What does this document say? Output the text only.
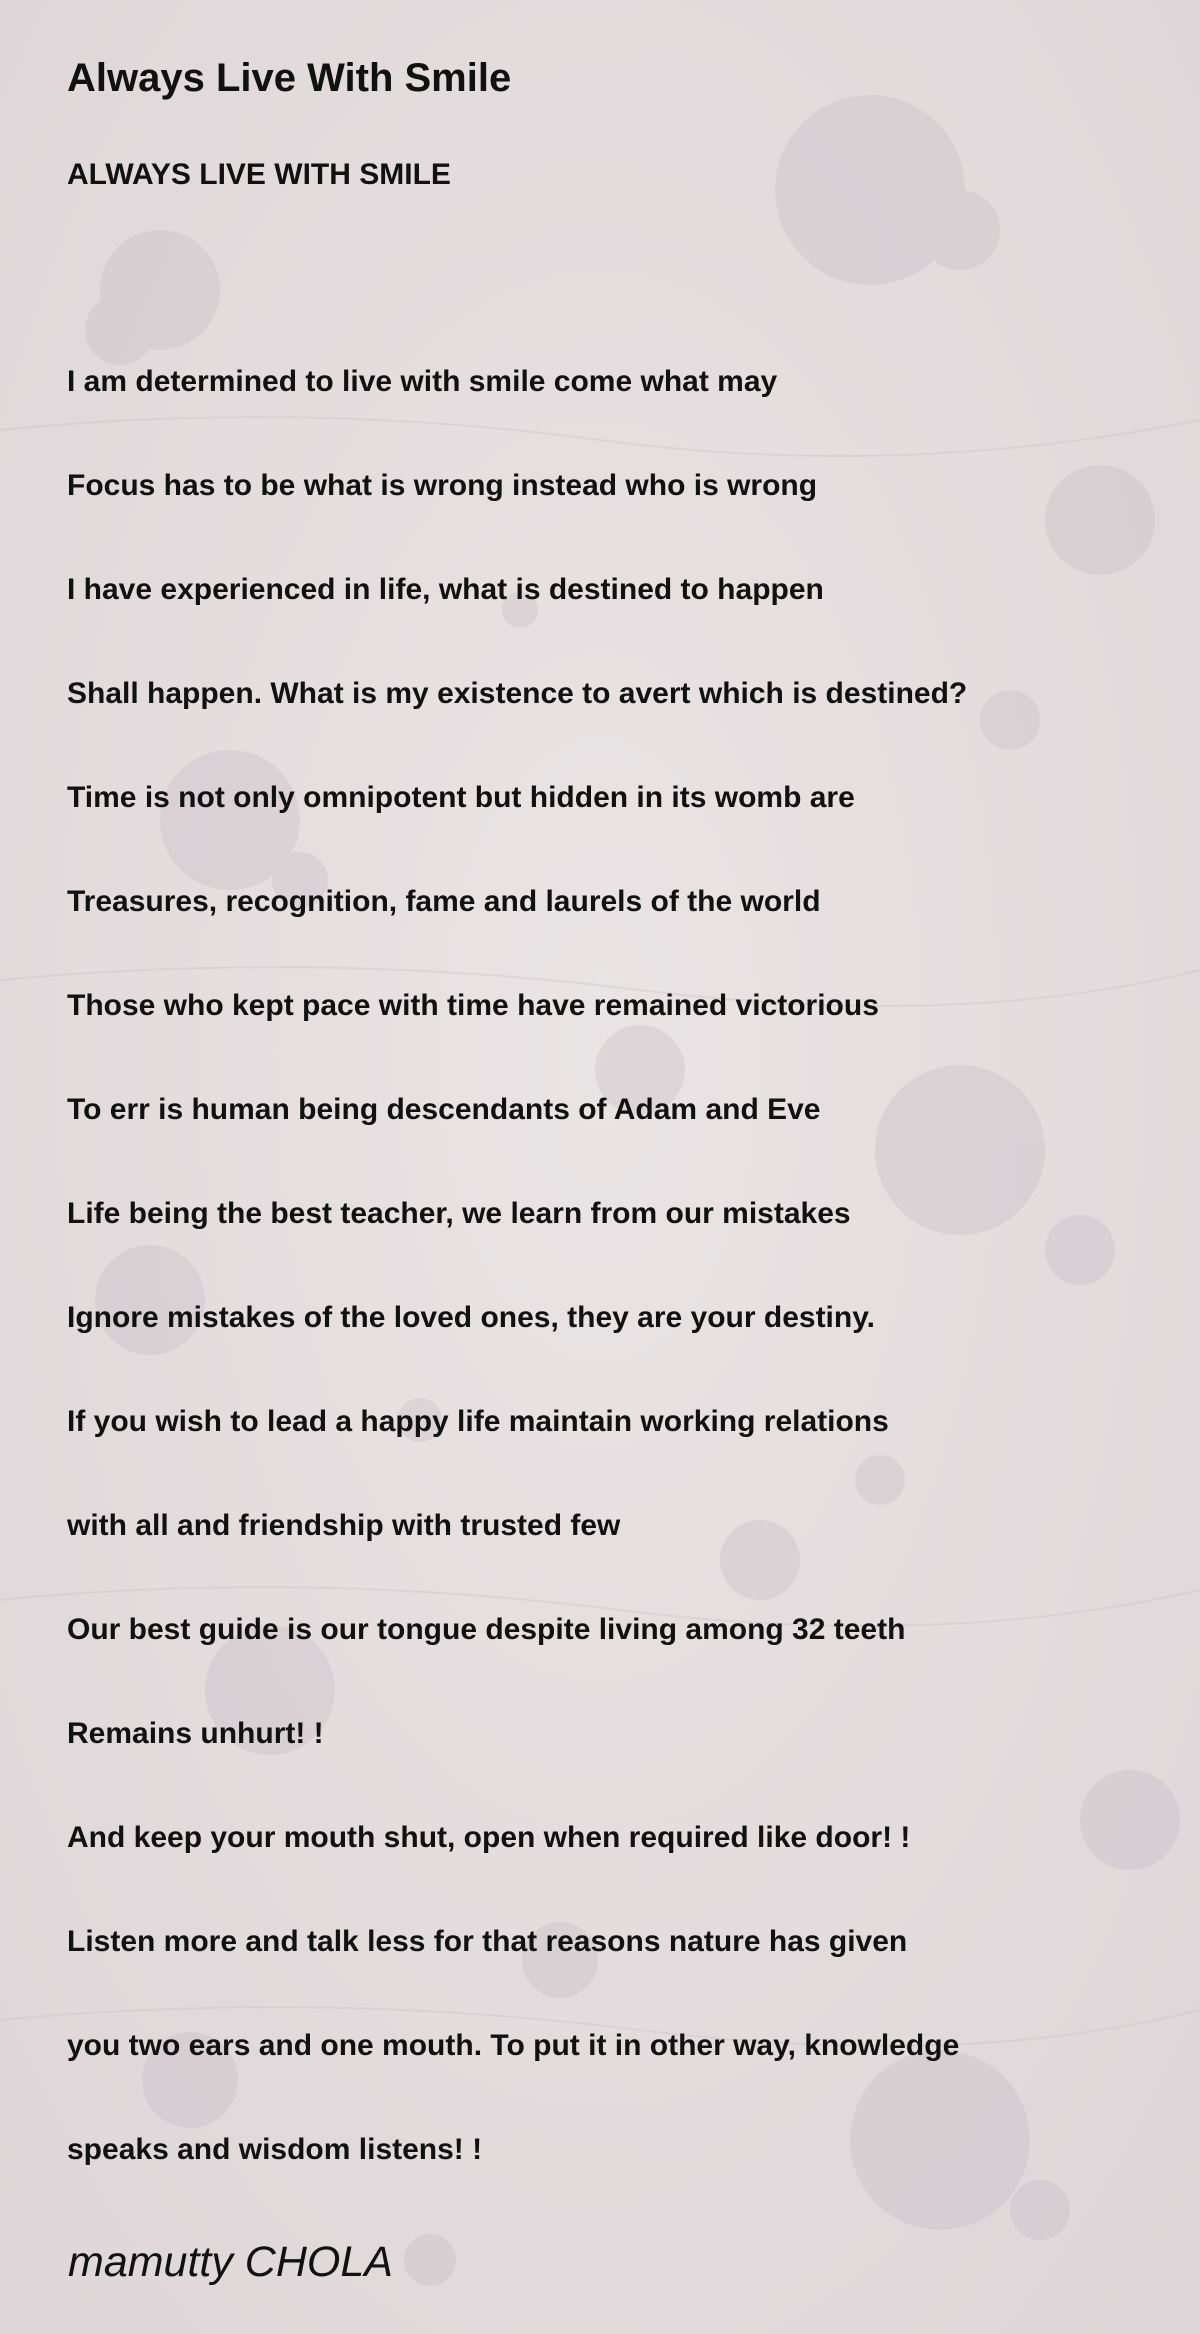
Always Live With Smile
ALWAYS LIVE WITH SMILE
I am determined to live with smile come what may
Focus has to be what is wrong instead who is wrong
I have experienced in life, what is destined to happen
Shall happen. What is my existence to avert which is destined?
Time is not only omnipotent but hidden in its womb are
Treasures, recognition, fame and laurels of the world
Those who kept pace with time have remained victorious
To err is human being descendants of Adam and Eve
Life being the best teacher, we learn from our mistakes
Ignore mistakes of the loved ones, they are your destiny.
If you wish to lead a happy life maintain working relations
with all and friendship with trusted few
Our best guide is our tongue despite living among 32 teeth
Remains unhurt! !
And keep your mouth shut, open when required like door! !
Listen more and talk less for that reasons nature has given
you two ears and one mouth. To put it in other way, knowledge
speaks and wisdom listens! !
mamutty CHOLA
